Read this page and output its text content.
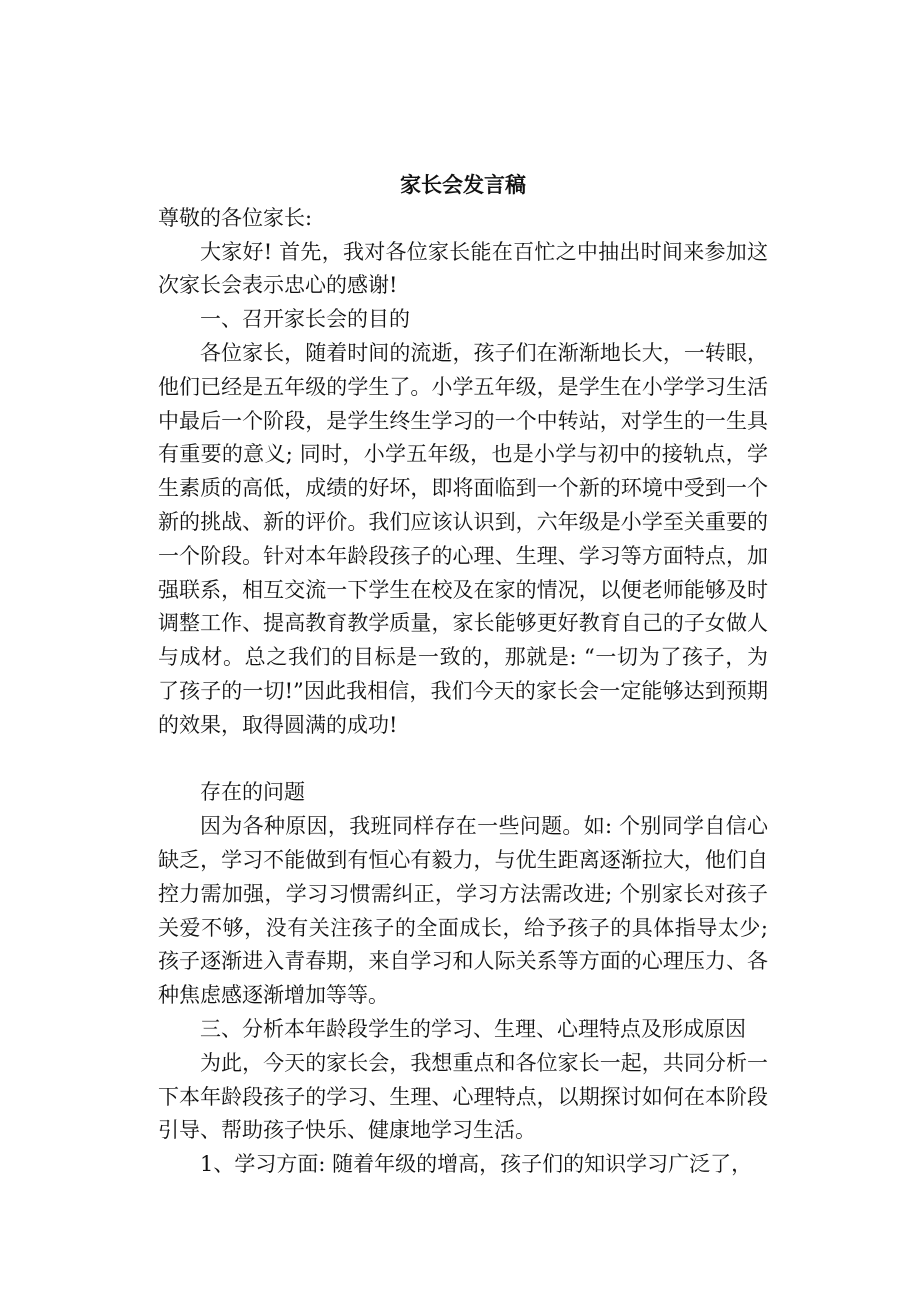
家长会发言稿

尊敬的各位家长:

大家好! 首先，我对各位家长能在百忙之中抽出时间来参加这次家长会表示忠心的感谢!

一、召开家长会的目的

各位家长，随着时间的流逝，孩子们在渐渐地长大，一转眼，他们已经是五年级的学生了。小学五年级，是学生在小学学习生活中最后一个阶段，是学生终生学习的一个中转站，对学生的一生具有重要的意义; 同时，小学五年级，也是小学与初中的接轨点，学生素质的高低，成绩的好坏，即将面临到一个新的环境中受到一个新的挑战、新的评价。我们应该认识到，六年级是小学至关重要的一个阶段。针对本年龄段孩子的心理、生理、学习等方面特点，加强联系，相互交流一下学生在校及在家的情况，以便老师能够及时调整工作、提高教育教学质量，家长能够更好教育自己的子女做人与成材。总之我们的目标是一致的，那就是: “一切为了孩子，为了孩子的一切!”因此我相信，我们今天的家长会一定能够达到预期的效果，取得圆满的成功!

存在的问题

因为各种原因，我班同样存在一些问题。如: 个别同学自信心缺乏，学习不能做到有恒心有毅力，与优生距离逐渐拉大，他们自控力需加强，学习习惯需纠正，学习方法需改进; 个别家长对孩子关爱不够，没有关注孩子的全面成长，给予孩子的具体指导太少; 孩子逐渐进入青春期，来自学习和人际关系等方面的心理压力、各种焦虑感逐渐增加等等。

三、分析本年龄段学生的学习、生理、心理特点及形成原因

为此，今天的家长会，我想重点和各位家长一起，共同分析一下本年龄段孩子的学习、生理、心理特点，以期探讨如何在本阶段引导、帮助孩子快乐、健康地学习生活。

1、学习方面: 随着年级的增高，孩子们的知识学习广泛了，
